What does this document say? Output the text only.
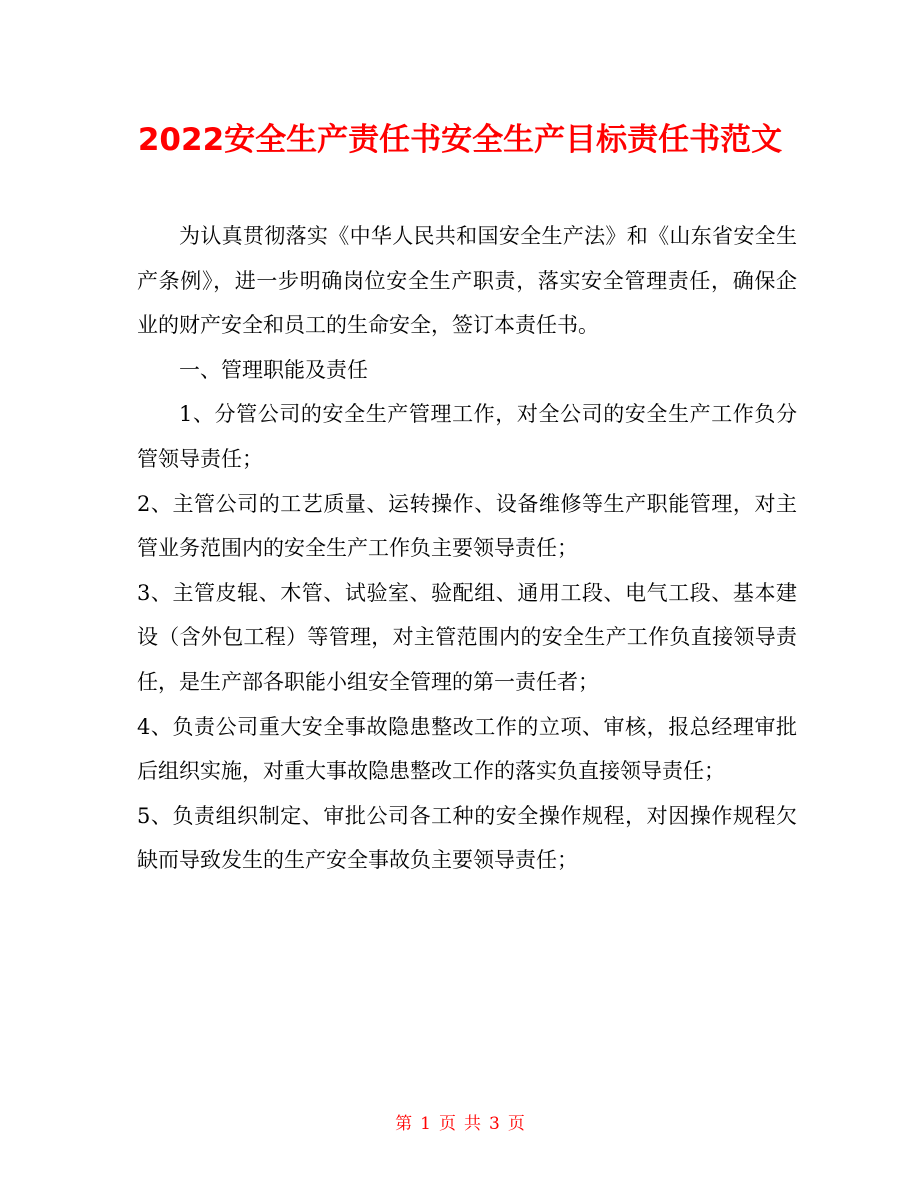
2022安全生产责任书安全生产目标责任书范文

为认真贯彻落实《中华人民共和国安全生产法》和《山东省安全生产条例》，进一步明确岗位安全生产职责，落实安全管理责任，确保企业的财产安全和员工的生命安全，签订本责任书。

一、管理职能及责任

1、分管公司的安全生产管理工作，对全公司的安全生产工作负分管领导责任；

2、主管公司的工艺质量、运转操作、设备维修等生产职能管理，对主管业务范围内的安全生产工作负主要领导责任；

3、主管皮辊、木管、试验室、验配组、通用工段、电气工段、基本建设（含外包工程）等管理，对主管范围内的安全生产工作负直接领导责任，是生产部各职能小组安全管理的第一责任者；

4、负责公司重大安全事故隐患整改工作的立项、审核，报总经理审批后组织实施，对重大事故隐患整改工作的落实负直接领导责任；

5、负责组织制定、审批公司各工种的安全操作规程，对因操作规程欠缺而导致发生的生产安全事故负主要领导责任；

第 1 页 共 3 页
